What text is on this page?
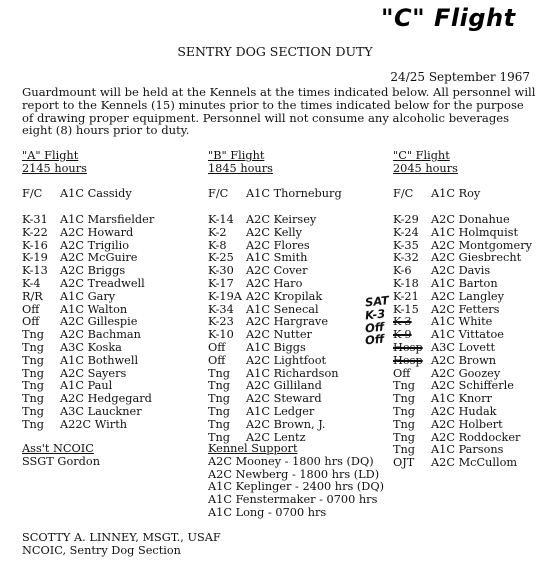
"C" Flight
SENTRY DOG SECTION DUTY
24/25 September 1967

Guardmount will be held at the Kennels at the times indicated below. All personnel will report to the Kennels (15) minutes prior to the times indicated below for the purpose of drawing proper equipment. Personnel will not consume any alcoholic beverages eight (8) hours prior to duty.

"A" Flight
2145 hours
F/C	A1C Cassidy
K-31	A1C Marsfielder
K-22	A2C Howard
K-16	A2C Trigilio
K-19	A2C McGuire
K-13	A2C Briggs
K-4	A2C Treadwell
R/R	A1C Gary
Off	A1C Walton
Off	A2C Gillespie
Tng	A2C Bachman
Tng	A3C Koska
Tng	A1C Bothwell
Tng	A2C Sayers
Tng	A1C Paul
Tng	A2C Hedgegard
Tng	A3C Lauckner
Tng	A22C Wirth
"B" Flight
1845 hours
F/C	A1C Thorneburg
K-14	A2C Keirsey
K-2	A2C Kelly
K-8	A2C Flores
K-25	A1C Smith
K-30	A2C Cover
K-17	A2C Haro
K-19A A2C Kropilak
K-34	A1C Senecal
K-23	A2C Hargrave
K-10	A2C Nutter
Off	A1C Biggs
Off	A2C Lightfoot
Tng	A1C Richardson
Tng	A2C Gilliland
Tng	A2C Steward
Tng	A1C Ledger
Tng	A2C Brown, J.
Tng	A2C Lentz
"C" Flight
2045 hours
F/C	A1C Roy
K-29	A2C Donahue
K-24	A1C Holmquist
K-35	A2C Montgomery
K-32	A2C Giesbrecht
K-6	A2C Davis
K-18	A1C Barton
K-21	A2C Langley
K-15	A2C Fetters
K-3	A1C White
K-9	A1C Vittatoe
Hosp A3C Lovett
Hosp A2C Brown
Off	A2C Goozey
Tng	A2C Schifferle
Tng	A1C Knorr
Tng	A2C Hudak
Tng	A2C Holbert
Tng	A2C Roddocker
Tng	A1C Parsons
OJT	A2C McCullom
SAT
K-3
Off
Off
Ass't NCOIC
SSGT Gordon
Kennel Support
A2C Mooney - 1800 hrs (DQ)
A2C Newberg - 1800 hrs (LD)
A1C Keplinger - 2400 hrs (DQ)
A1C Fenstermaker - 0700 hrs
A1C Long - 0700 hrs
SCOTTY A. LINNEY, MSGT., USAF
NCOIC, Sentry Dog Section
